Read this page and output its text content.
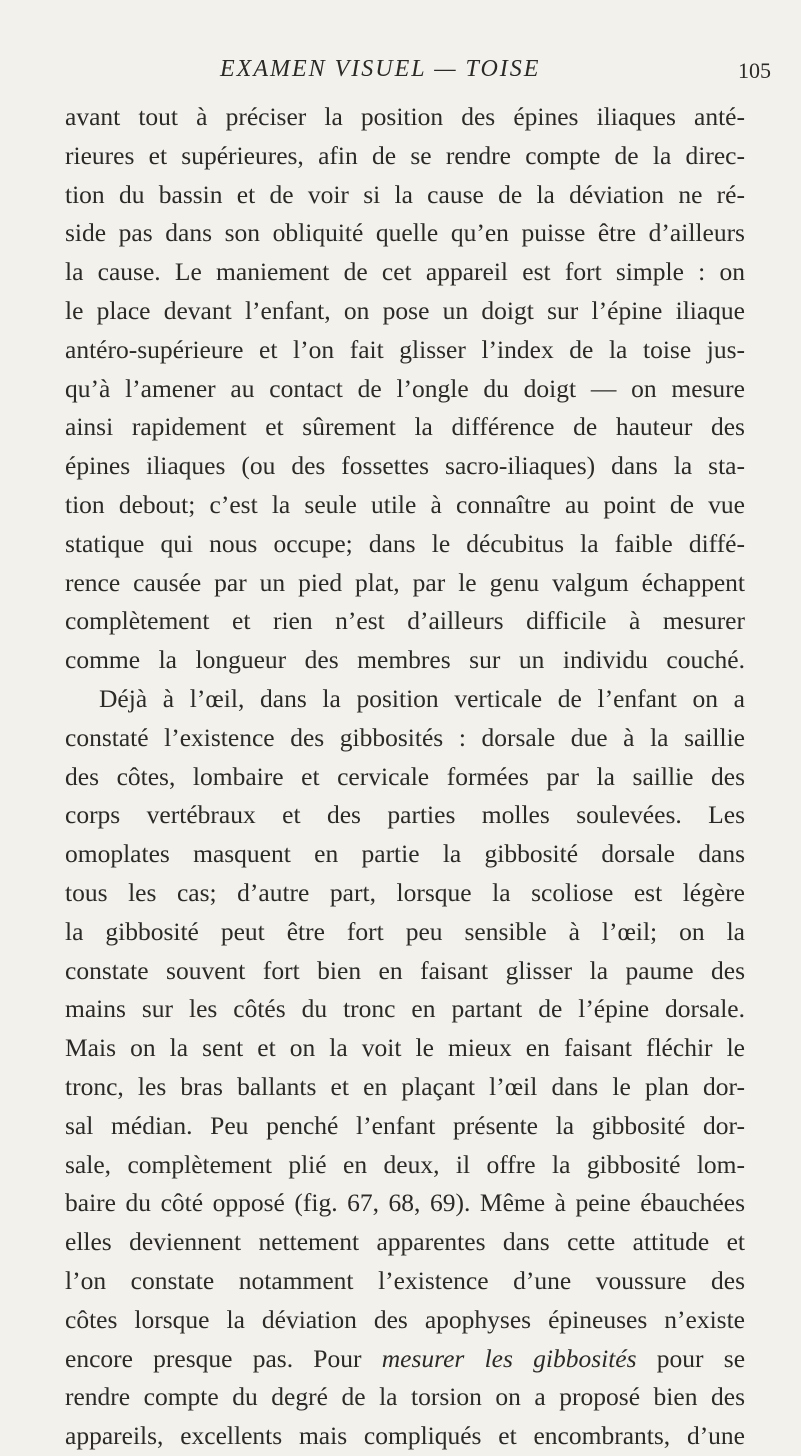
EXAMEN VISUEL — TOISE	105
avant tout à préciser la position des épines iliaques anté-
rieures et supérieures, afin de se rendre compte de la direc-
tion du bassin et de voir si la cause de la déviation ne ré-
side pas dans son obliquité quelle qu’en puisse être d’ailleurs
la cause. Le maniement de cet appareil est fort simple : on
le place devant l’enfant, on pose un doigt sur l’épine iliaque
antéro-supérieure et l’on fait glisser l’index de la toise jus-
qu’à l’amener au contact de l’ongle du doigt — on mesure
ainsi rapidement et sûrement la différence de hauteur des
épines iliaques (ou des fossettes sacro-iliaques) dans la sta-
tion debout; c’est la seule utile à connaître au point de vue
statique qui nous occupe; dans le décubitus la faible diffé-
rence causée par un pied plat, par le genu valgum échappent
complètement et rien n’est d’ailleurs difficile à mesurer
comme la longueur des membres sur un individu couché.
Déjà à l’œil, dans la position verticale de l’enfant on a
constaté l’existence des gibbosités : dorsale due à la saillie
des côtes, lombaire et cervicale formées par la saillie des
corps vertébraux et des parties molles soulevées. Les
omoplates masquent en partie la gibbosité dorsale dans
tous les cas; d’autre part, lorsque la scoliose est légère
la gibbosité peut être fort peu sensible à l’œil; on la
constate souvent fort bien en faisant glisser la paume des
mains sur les côtés du tronc en partant de l’épine dorsale.
Mais on la sent et on la voit le mieux en faisant fléchir le
tronc, les bras ballants et en plaçant l’œil dans le plan dor-
sal médian. Peu penché l’enfant présente la gibbosité dor-
sale, complètement plié en deux, il offre la gibbosité lom-
baire du côté opposé (fig. 67, 68, 69). Même à peine ébauchées
elles deviennent nettement apparentes dans cette attitude et
l’on constate notamment l’existence d’une voussure des
côtes lorsque la déviation des apophyses épineuses n’existe
encore presque pas. Pour mesurer les gibbosités pour se
rendre compte du degré de la torsion on a proposé bien des
appareils, excellents mais compliqués et encombrants, d’une
